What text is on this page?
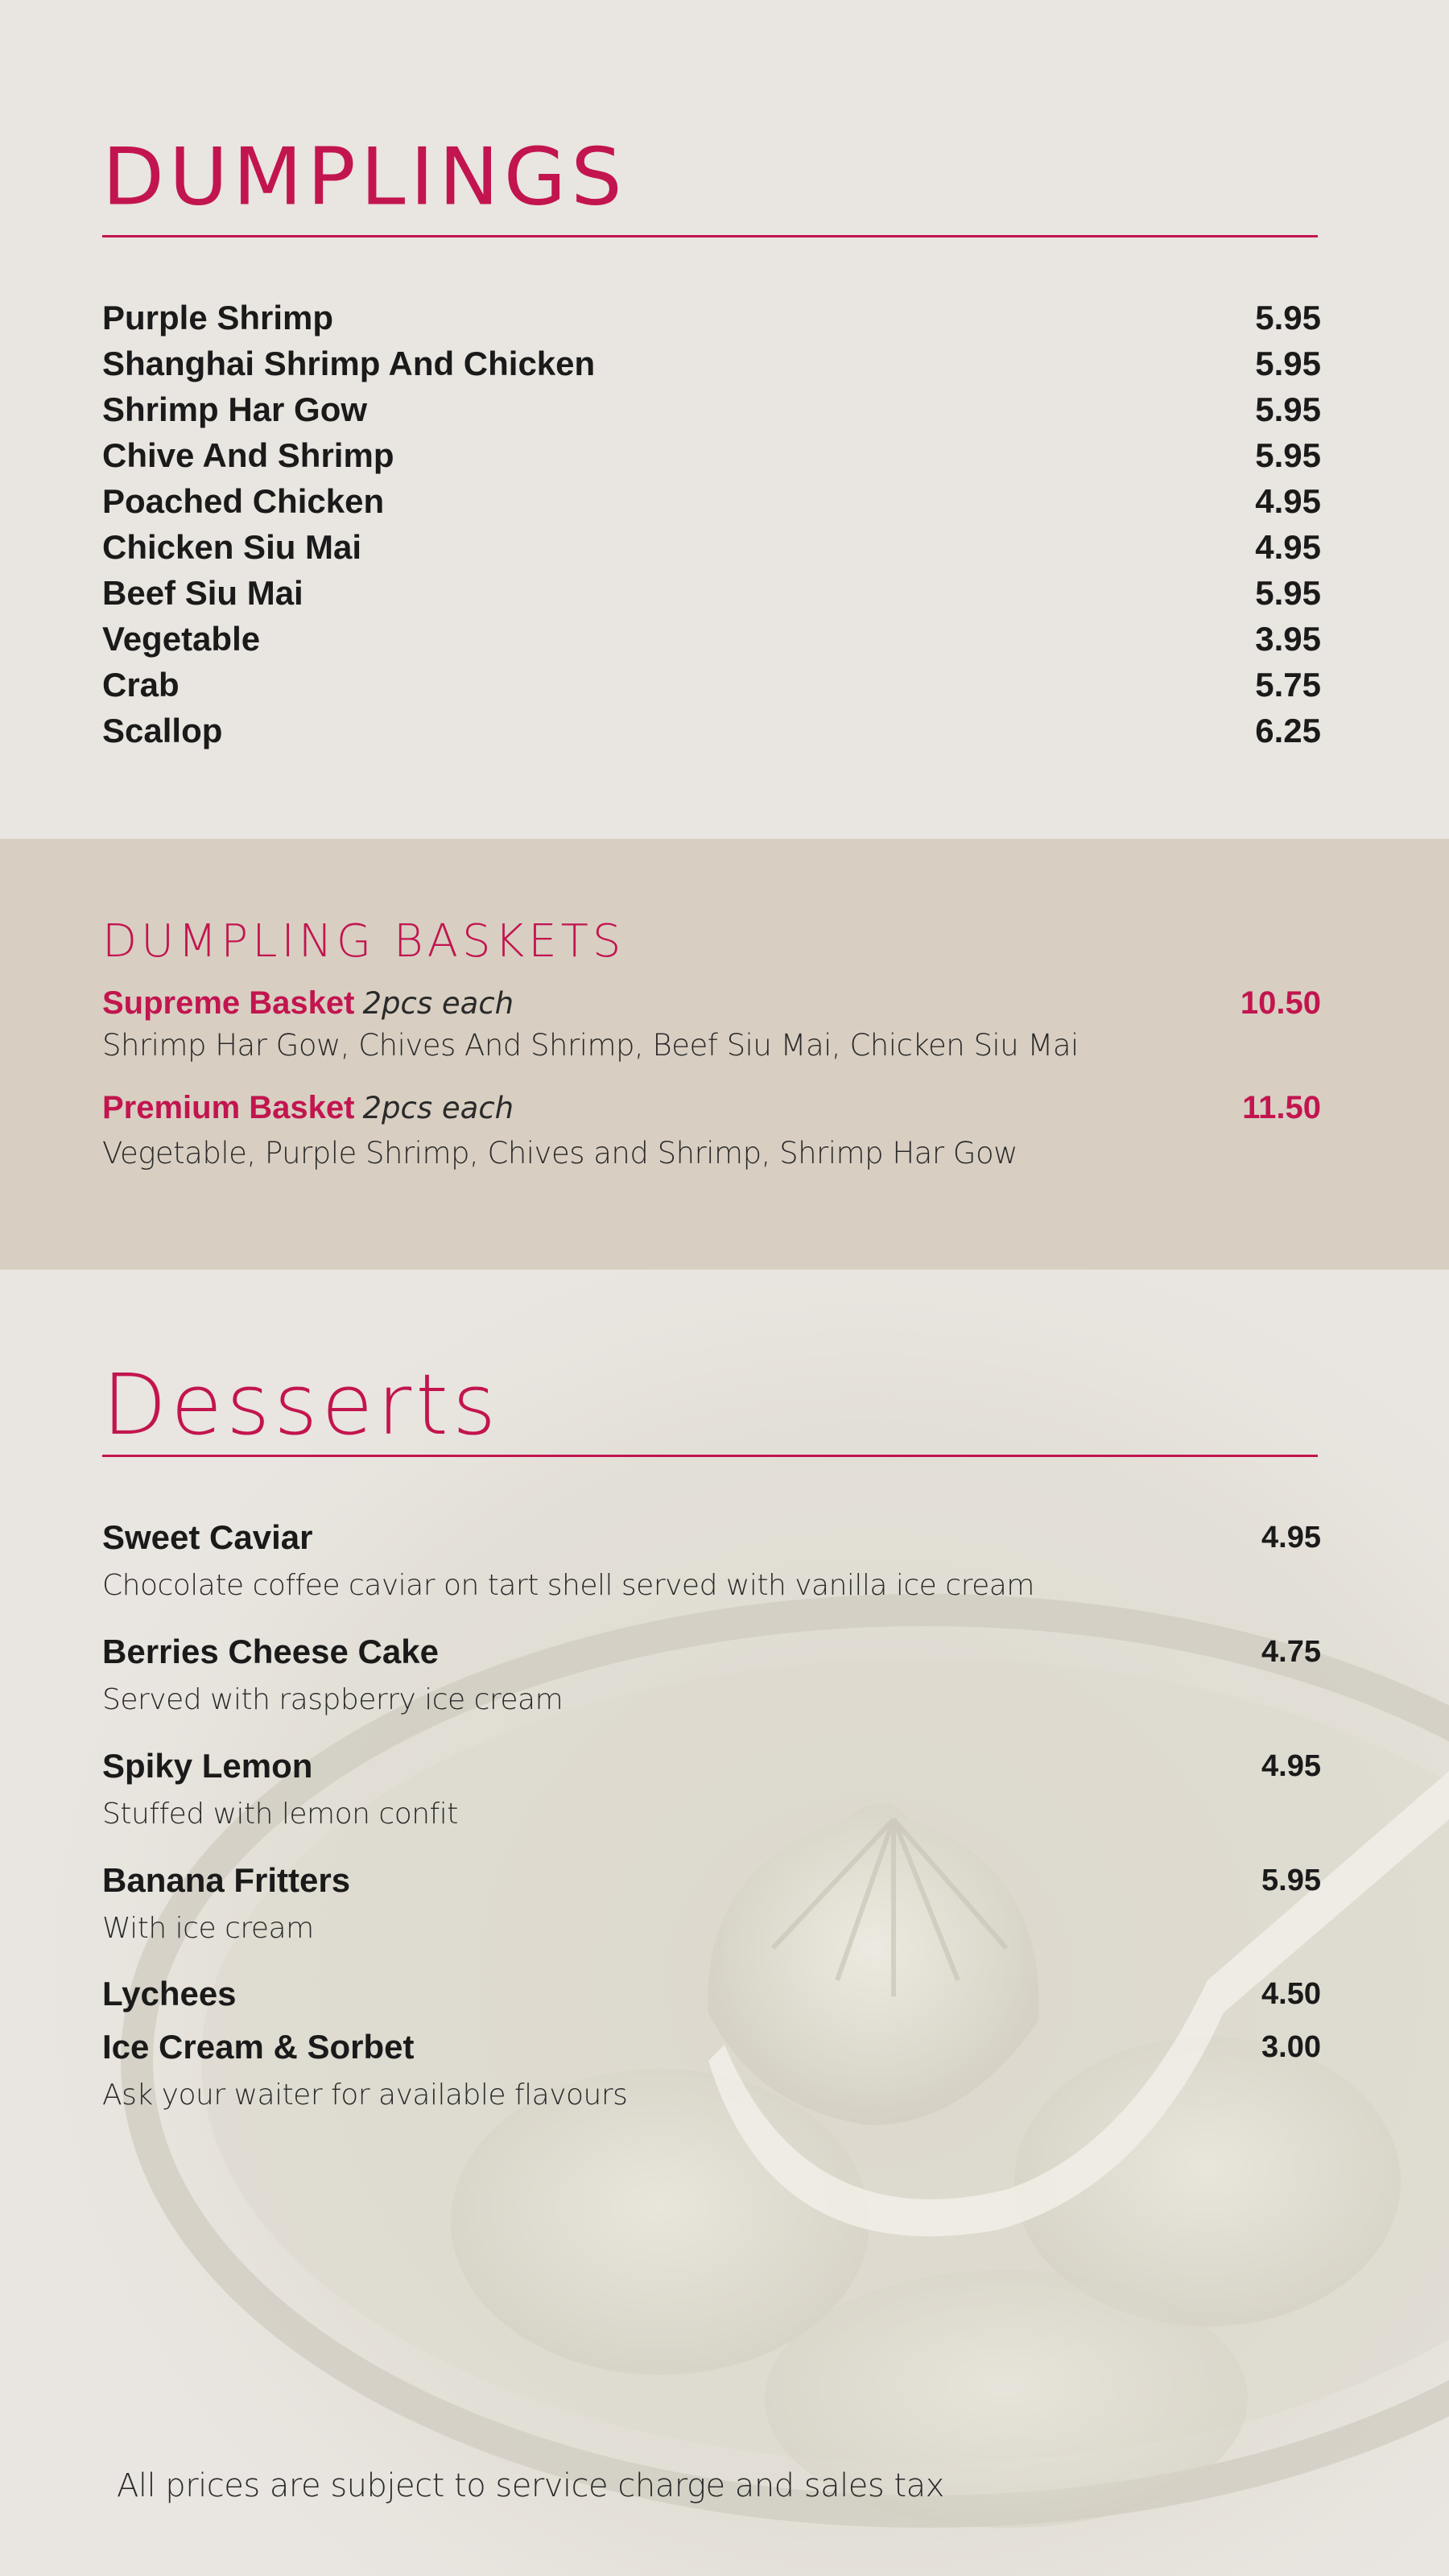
DUMPLINGS
Purple Shrimp	5.95
Shanghai Shrimp And Chicken	5.95
Shrimp Har Gow	5.95
Chive And Shrimp	5.95
Poached Chicken	4.95
Chicken Siu Mai	4.95
Beef Siu Mai	5.95
Vegetable	3.95
Crab	5.75
Scallop	6.25
DUMPLING BASKETS
Supreme Basket 2pcs each	10.50
Shrimp Har Gow, Chives And Shrimp, Beef Siu Mai, Chicken Siu Mai
Premium Basket 2pcs each	11.50
Vegetable, Purple Shrimp, Chives and Shrimp, Shrimp Har Gow
Desserts
Sweet Caviar	4.95
Chocolate coffee caviar on tart shell served with vanilla ice cream
Berries Cheese Cake	4.75
Served with raspberry ice cream
Spiky Lemon	4.95
Stuffed with lemon confit
Banana Fritters	5.95
With ice cream
Lychees	4.50
Ice Cream & Sorbet	3.00
Ask your waiter for available flavours
All prices are subject to service charge and sales tax
